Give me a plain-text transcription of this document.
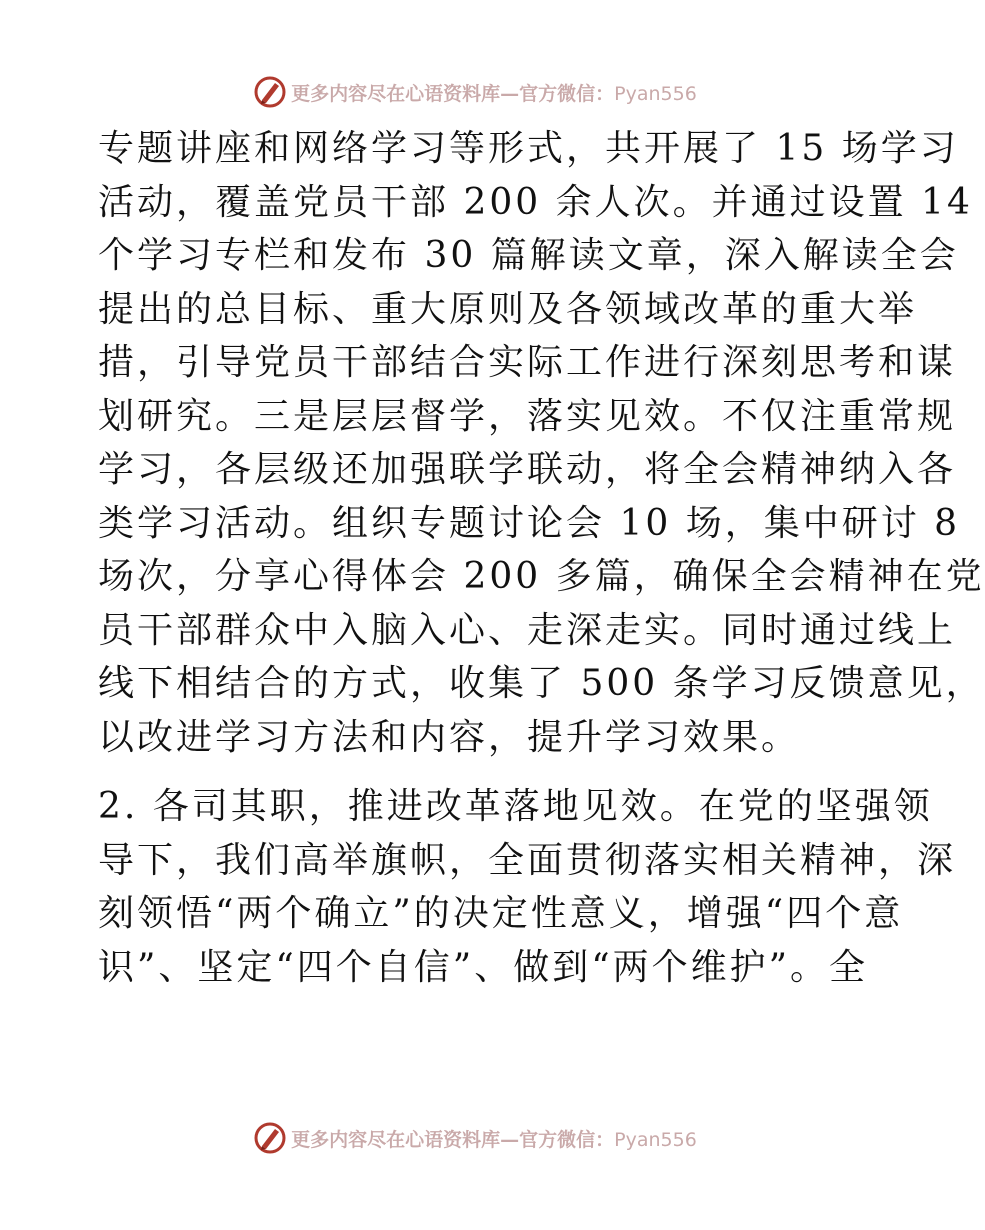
更多内容尽在心语资料库—官方微信：Pyan556
专题讲座和网络学习等形式，共开展了 15 场学习
活动，覆盖党员干部 200 余人次。并通过设置 14
个学习专栏和发布 30 篇解读文章，深入解读全会
提出的总目标、重大原则及各领域改革的重大举
措，引导党员干部结合实际工作进行深刻思考和谋
划研究。三是层层督学，落实见效。不仅注重常规
学习，各层级还加强联学联动，将全会精神纳入各
类学习活动。组织专题讨论会 10 场，集中研讨 8
场次，分享心得体会 200 多篇，确保全会精神在党
员干部群众中入脑入心、走深走实。同时通过线上
线下相结合的方式，收集了 500 条学习反馈意见，
以改进学习方法和内容，提升学习效果。
2. 各司其职，推进改革落地见效。在党的坚强领
导下，我们高举旗帜，全面贯彻落实相关精神，深
刻领悟“两个确立”的决定性意义，增强“四个意
识”、坚定“四个自信”、做到“两个维护”。全
更多内容尽在心语资料库—官方微信：Pyan556
